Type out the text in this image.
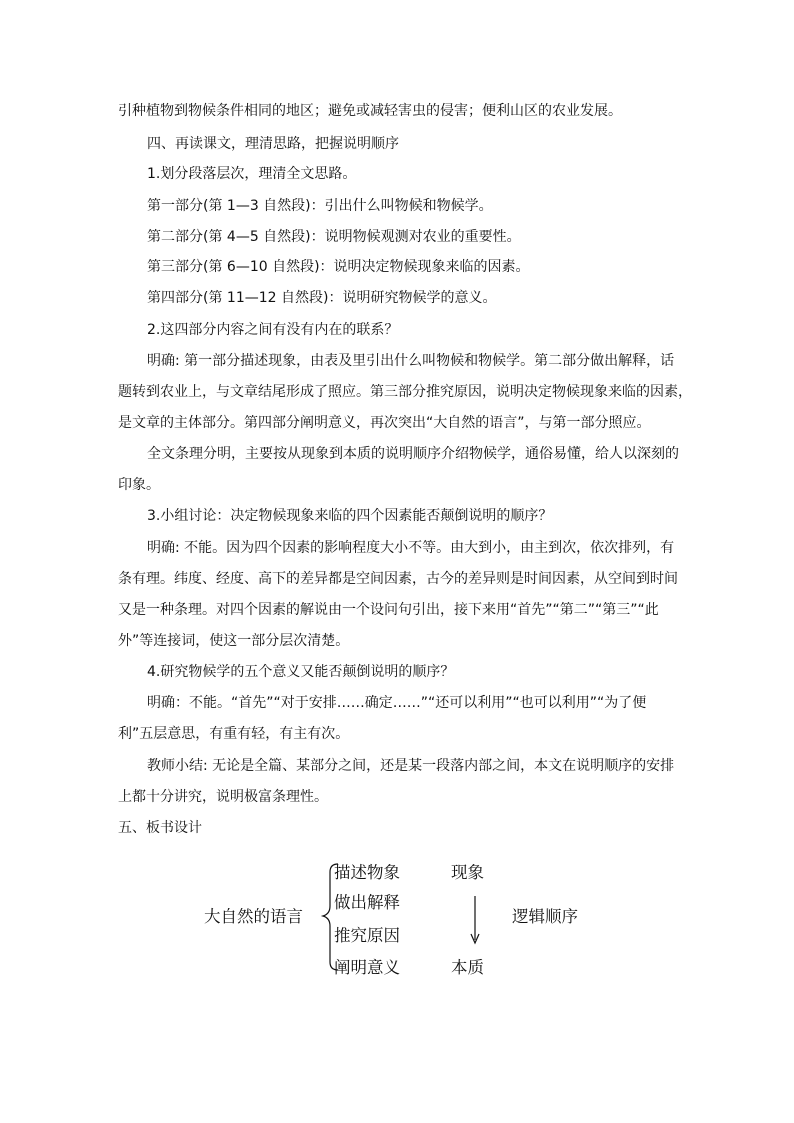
引种植物到物候条件相同的地区；避免或减轻害虫的侵害；便利山区的农业发展。
四、再读课文，理清思路，把握说明顺序
1.划分段落层次，理清全文思路。
第一部分(第 1—3 自然段)：引出什么叫物候和物候学。
第二部分(第 4—5 自然段)：说明物候观测对农业的重要性。
第三部分(第 6—10 自然段)：说明决定物候现象来临的因素。
第四部分(第 11—12 自然段)：说明研究物候学的意义。
2.这四部分内容之间有没有内在的联系？
明确: 第一部分描述现象，由表及里引出什么叫物候和物候学。第二部分做出解释，话
题转到农业上，与文章结尾形成了照应。第三部分推究原因，说明决定物候现象来临的因素，
是文章的主体部分。第四部分阐明意义，再次突出“大自然的语言”，与第一部分照应。
全文条理分明，主要按从现象到本质的说明顺序介绍物候学，通俗易懂，给人以深刻的
印象。
3.小组讨论：决定物候现象来临的四个因素能否颠倒说明的顺序？
明确: 不能。因为四个因素的影响程度大小不等。由大到小，由主到次，依次排列，有
条有理。纬度、经度、高下的差异都是空间因素，古今的差异则是时间因素，从空间到时间
又是一种条理。对四个因素的解说由一个设问句引出，接下来用“首先”“第二”“第三”“此
外”等连接词，使这一部分层次清楚。
4.研究物候学的五个意义又能否颠倒说明的顺序？
明确：不能。“首先”“对于安排……确定……”“还可以利用”“也可以利用”“为了便
利”五层意思，有重有轻，有主有次。
教师小结: 无论是全篇、某部分之间，还是某一段落内部之间，本文在说明顺序的安排
上都十分讲究，说明极富条理性。
五、板书设计
大自然的语言
描述物象
做出解释
推究原因
阐明意义
现象
本质
逻辑顺序
